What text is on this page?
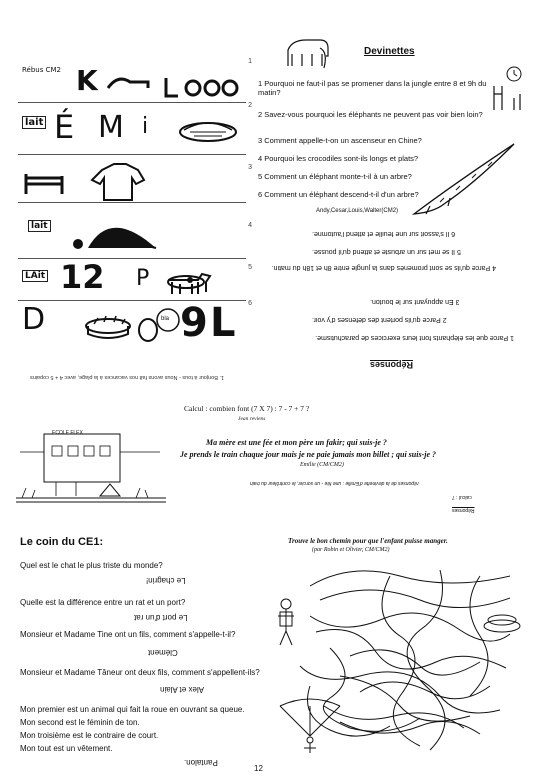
Rébus CM2
1
K
2
lait É M i
3
4
lait
5
LAit 12 P
6
D	bla 9 L
1. Bonjour à tous - Nous avons fait nos vacances à la plage, avec 4 + 5 copains
Devinettes
1 Pourquoi ne faut-il pas se promener dans la jungle entre 8 et 9h du matin?
2 Savez-vous pourquoi les éléphants ne peuvent pas voir bien loin?
3 Comment appelle-t-on un ascenseur en Chine?
4 Pourquoi les crocodiles sont-ils longs et plats?
5 Comment un éléphant monte-t-il à un arbre?
6 Comment un éléphant descend-t-il d'un arbre?
Andy,Cesar,Louis,Walter(CM2)
6 Il s'assoit sur une feuille et attend l'automne.
5 Il se met sur un arbuste et attend qu'il pousse.
4 Parce qu'ils se sont promenés dans la jungle entre 8h et 18h du matin.
3 En appuyant sur le bouton.
2 Parce qu'ils portent des défenses d'y voir.
1 Parce que les éléphants font leurs exercices de parachutisme.
Réponses
Calcul : combien font (7 X 7) : 7 - 7 + 7 ?
Jean reviens
ECOLE FLEX
Ma mère est une fée et mon père un fakir; qui suis-je ?
Je prends le train chaque jour mais je ne paie jamais mon billet ; qui suis-je ?
Emilie (CM/CM2)
réponses de la devinette d'Emilie : une fée - un sorcier, le contrôleur du train
calcul : 7
Réponses
Le coin du CE1:
Quel est le chat le plus triste du monde?
Le chagrin!
Quelle est la différence entre un rat et un port?
Le port d'un rat
Monsieur et Madame Tine ont un fils, comment s'appelle-t-il?
Clément
Monsieur et Madame Tâneur ont deux fils, comment s'appellent-ils?
Alex et Alain
Mon premier est un animal qui fait la roue en ouvrant sa queue.
Mon second est le féminin de ton.
Mon troisième est le contraire de court.
Mon tout est un vêtement.
Pantalon.
Trouve le bon chemin pour que l'enfant puisse manger.
(par Robin et Olivier, CM/CM2)
12
